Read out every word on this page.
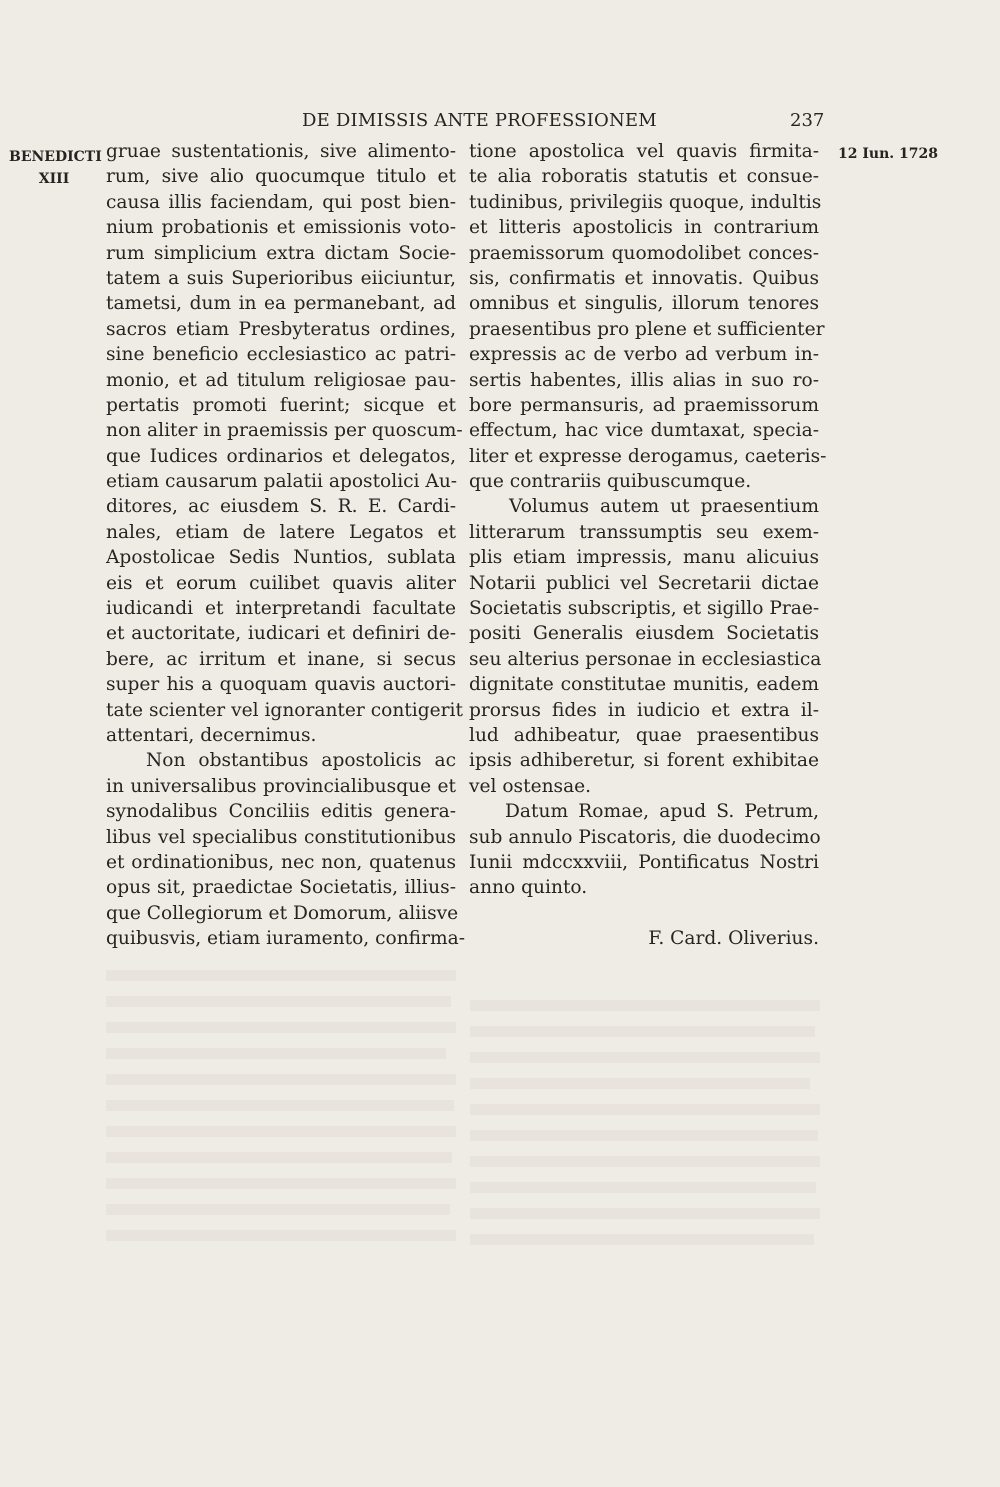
DE DIMISSIS ANTE PROFESSIONEM	237
BENEDICTI
XIII
12 Iun. 1728
gruae sustentationis, sive alimento-
rum, sive alio quocumque titulo et
causa illis faciendam, qui post bien-
nium probationis et emissionis voto-
rum simplicium extra dictam Socie-
tatem a suis Superioribus eiiciuntur,
tametsi, dum in ea permanebant, ad
sacros etiam Presbyteratus ordines,
sine beneficio ecclesiastico ac patri-
monio, et ad titulum religiosae pau-
pertatis promoti fuerint; sicque et
non aliter in praemissis per quoscum-
que Iudices ordinarios et delegatos,
etiam causarum palatii apostolici Au-
ditores, ac eiusdem S. R. E. Cardi-
nales, etiam de latere Legatos et
Apostolicae Sedis Nuntios, sublata
eis et eorum cuilibet quavis aliter
iudicandi et interpretandi facultate
et auctoritate, iudicari et definiri de-
bere, ac irritum et inane, si secus
super his a quoquam quavis auctori-
tate scienter vel ignoranter contigerit
attentari, decernimus.
Non obstantibus apostolicis ac
in universalibus provincialibusque et
synodalibus Conciliis editis genera-
libus vel specialibus constitutionibus
et ordinationibus, nec non, quatenus
opus sit, praedictae Societatis, illius-
que Collegiorum et Domorum, aliisve
quibusvis, etiam iuramento, confirma-
tione apostolica vel quavis firmita-
te alia roboratis statutis et consue-
tudinibus, privilegiis quoque, indultis
et litteris apostolicis in contrarium
praemissorum quomodolibet conces-
sis, confirmatis et innovatis. Quibus
omnibus et singulis, illorum tenores
praesentibus pro plene et sufficienter
expressis ac de verbo ad verbum in-
sertis habentes, illis alias in suo ro-
bore permansuris, ad praemissorum
effectum, hac vice dumtaxat, specia-
liter et expresse derogamus, caeteris-
que contrariis quibuscumque.
Volumus autem ut praesentium
litterarum transsumptis seu exem-
plis etiam impressis, manu alicuius
Notarii publici vel Secretarii dictae
Societatis subscriptis, et sigillo Prae-
positi Generalis eiusdem Societatis
seu alterius personae in ecclesiastica
dignitate constitutae munitis, eadem
prorsus fides in iudicio et extra il-
lud adhibeatur, quae praesentibus
ipsis adhiberetur, si forent exhibitae
vel ostensae.
Datum Romae, apud S. Petrum,
sub annulo Piscatoris, die duodecimo
Iunii mdccxxviii, Pontificatus Nostri
anno quinto.
F. Card. Oliverius.
